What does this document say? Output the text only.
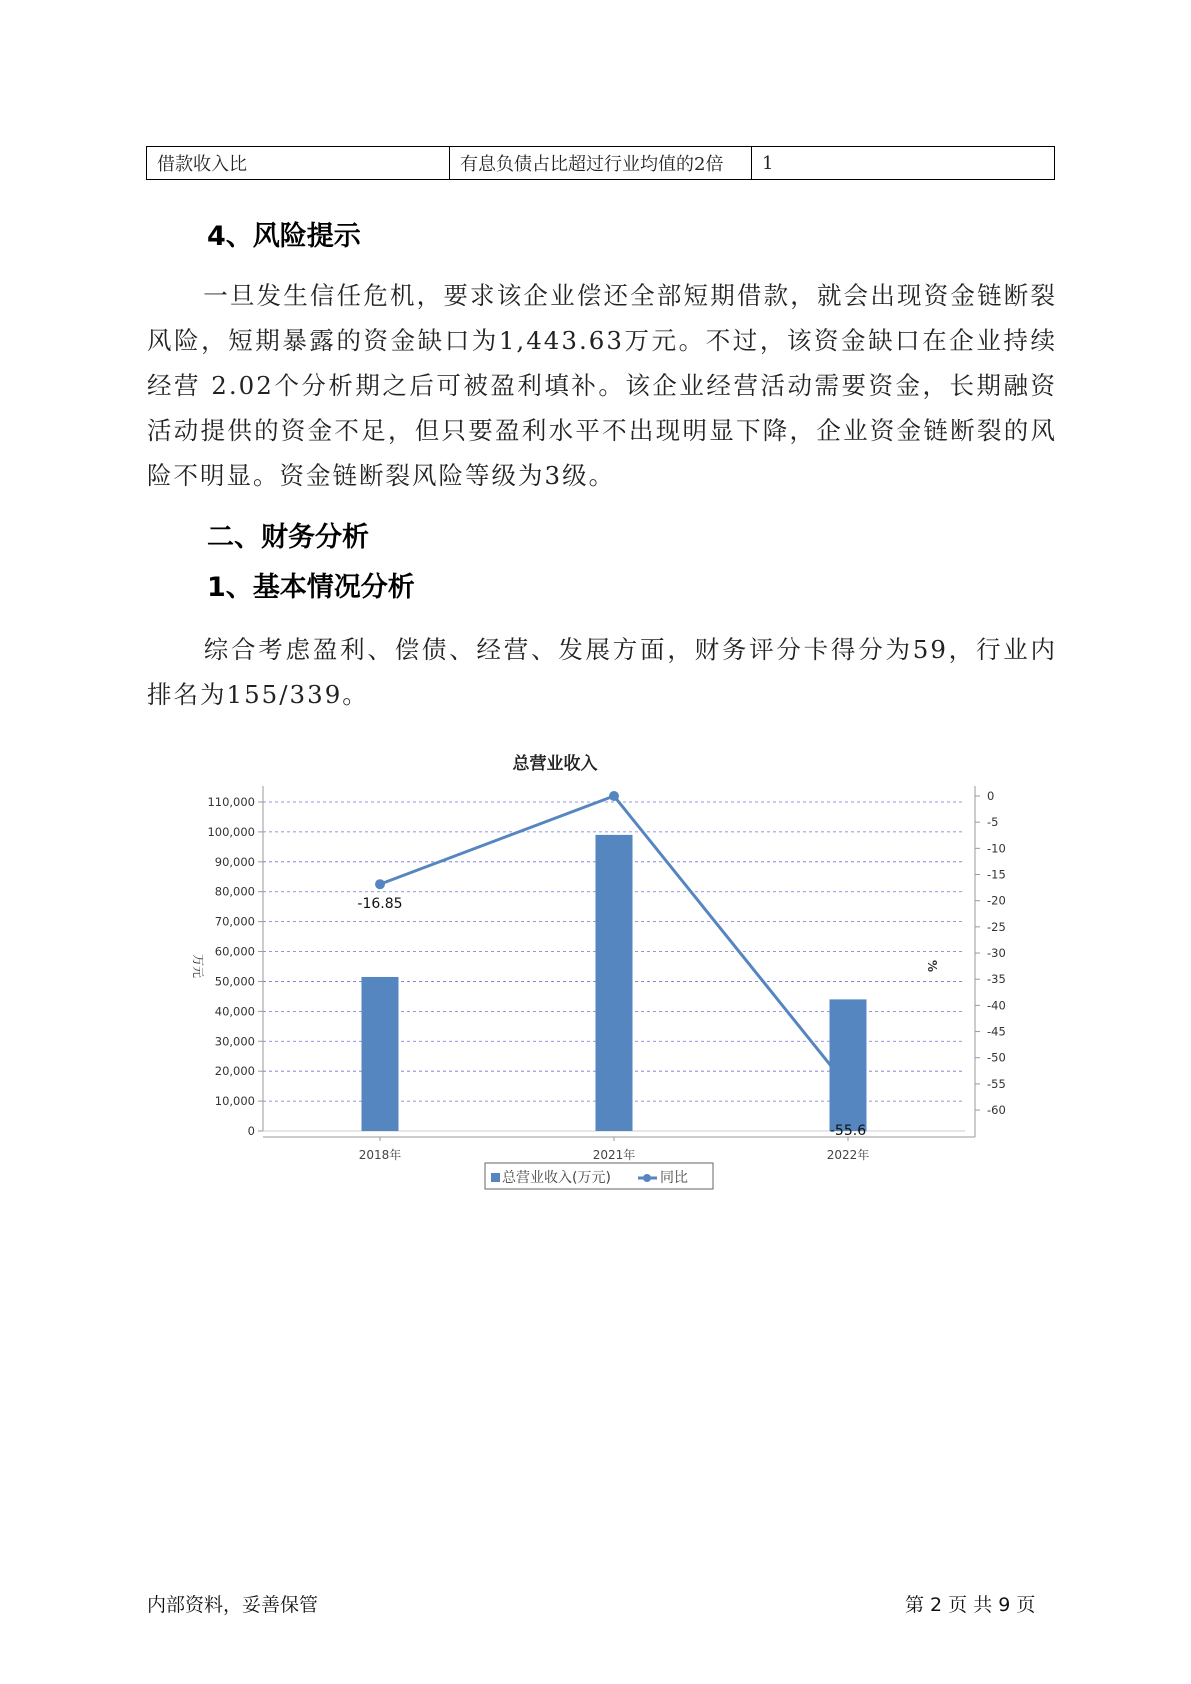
借款收入比	有息负债占比超过行业均值的2倍	1
4、风险提示

一旦发生信任危机，要求该企业偿还全部短期借款，就会出现资金链断裂风险，短期暴露的资金缺口为1,443.63万元。不过，该资金缺口在企业持续经营 2.02个分析期之后可被盈利填补。该企业经营活动需要资金，长期融资活动提供的资金不足，但只要盈利水平不出现明显下降，企业资金链断裂的风险不明显。资金链断裂风险等级为3级。

二、财务分析
1、基本情况分析

综合考虑盈利、偿债、经营、发展方面，财务评分卡得分为59，行业内排名为155/339。

总营业收入
0
10,000
20,000
30,000
40,000
50,000
60,000
70,000
80,000
90,000
100,000
110,000	0
-5
-10
-15
-20
-25
-30
-35
-40
-45
-50
-55
-60
万元	%
2018年	2021年	2022年
-16.85
-55.6
总营业收入(万元)	同比
内部资料，妥善保管	第 2 页 共 9 页
